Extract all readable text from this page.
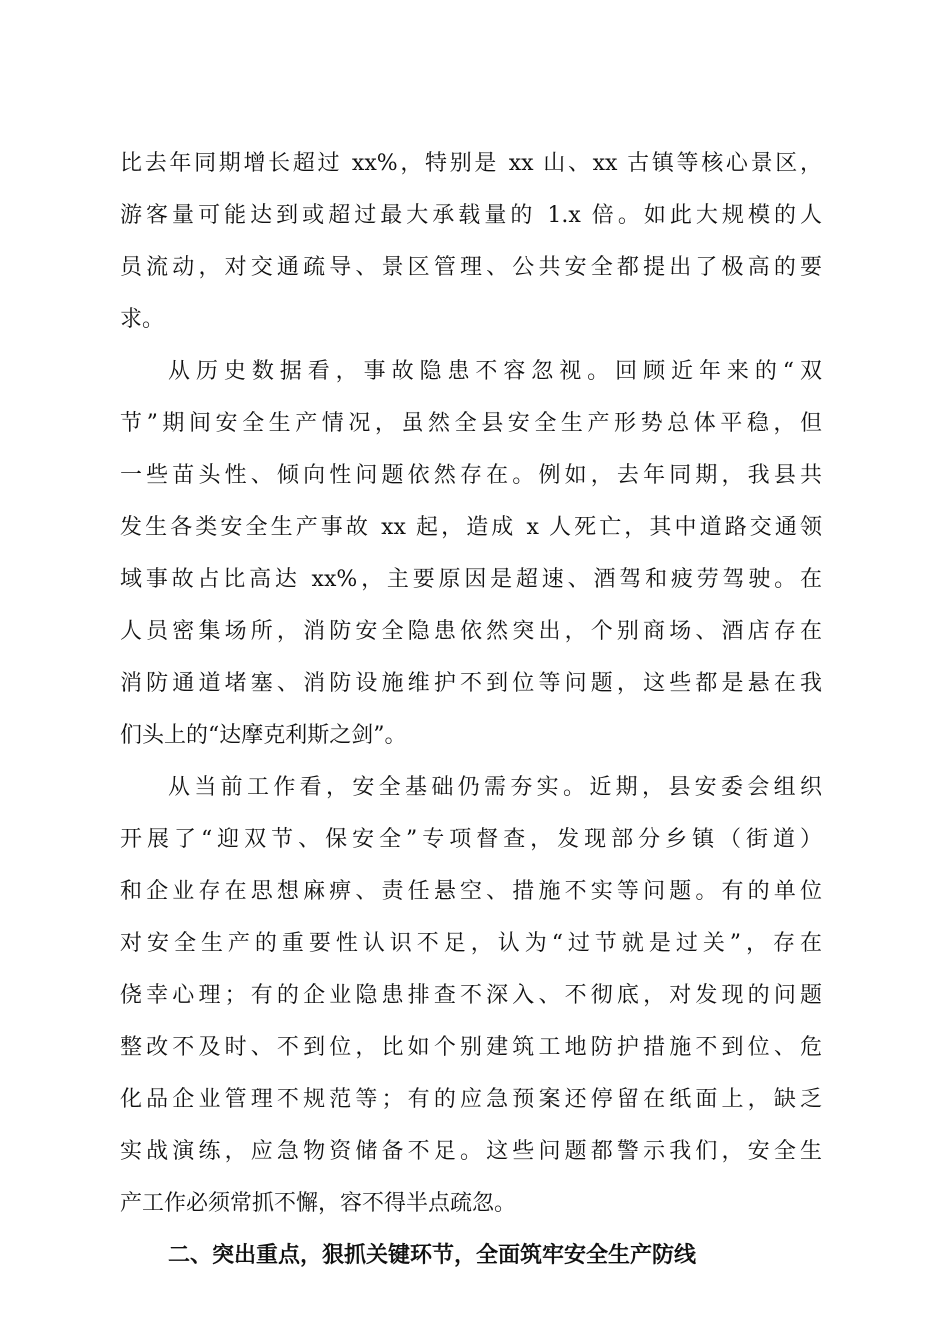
比去年同期增长超过 xx%，特别是 xx 山、xx 古镇等核心景区，
游客量可能达到或超过最大承载量的 1.x 倍。如此大规模的人
员流动，对交通疏导、景区管理、公共安全都提出了极高的要
求。
从历史数据看，事故隐患不容忽视。回顾近年来的“双
节”期间安全生产情况，虽然全县安全生产形势总体平稳，但
一些苗头性、倾向性问题依然存在。例如，去年同期，我县共
发生各类安全生产事故 xx 起，造成 x 人死亡，其中道路交通领
域事故占比高达 xx%，主要原因是超速、酒驾和疲劳驾驶。在
人员密集场所，消防安全隐患依然突出，个别商场、酒店存在
消防通道堵塞、消防设施维护不到位等问题，这些都是悬在我
们头上的“达摩克利斯之剑”。
从当前工作看，安全基础仍需夯实。近期，县安委会组织
开展了“迎双节、保安全”专项督查，发现部分乡镇（街道）
和企业存在思想麻痹、责任悬空、措施不实等问题。有的单位
对安全生产的重要性认识不足，认为“过节就是过关”，存在
侥幸心理；有的企业隐患排查不深入、不彻底，对发现的问题
整改不及时、不到位，比如个别建筑工地防护措施不到位、危
化品企业管理不规范等；有的应急预案还停留在纸面上，缺乏
实战演练，应急物资储备不足。这些问题都警示我们，安全生
产工作必须常抓不懈，容不得半点疏忽。
二、突出重点，狠抓关键环节，全面筑牢安全生产防线
